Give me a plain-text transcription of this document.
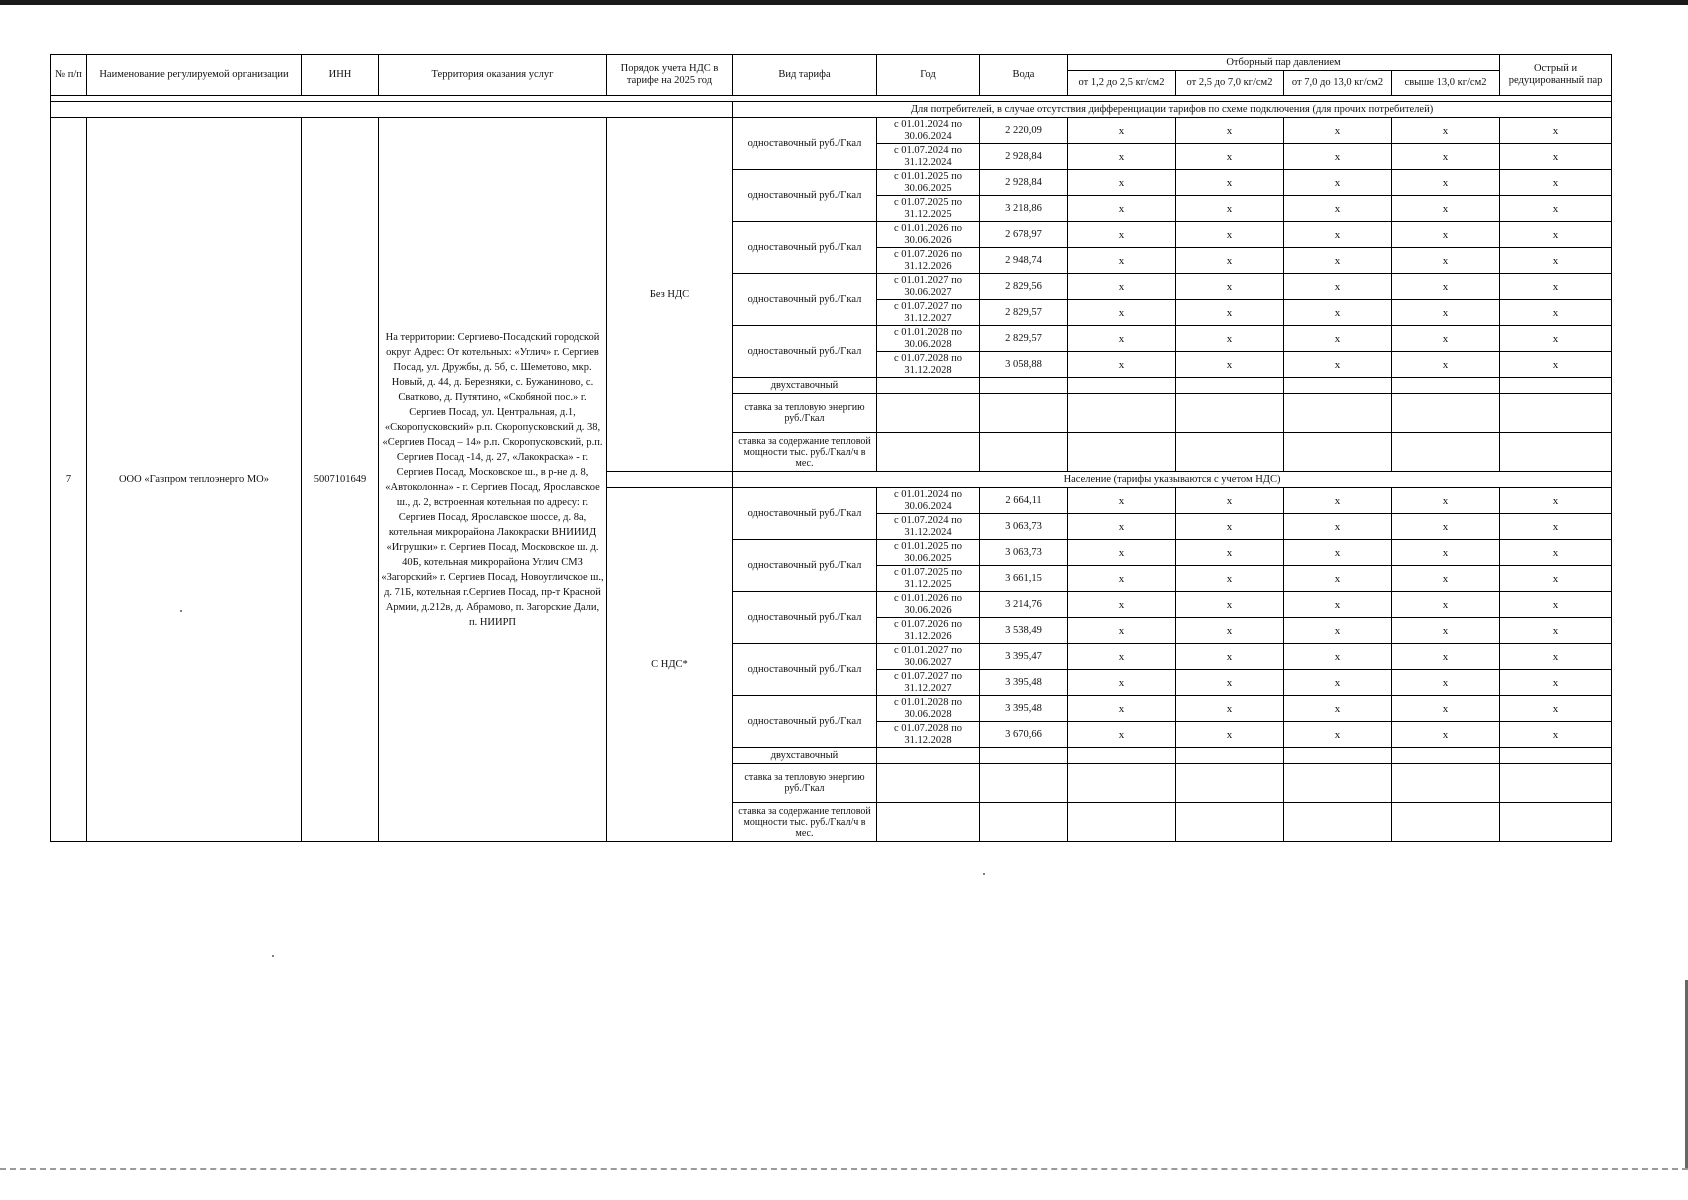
№ п/п	Наименование регулируемой организации	ИНН	Территория оказания услуг	Порядок учета НДС в тарифе на 2025 год	Вид тарифа	Год	Вода	Отборный пар давлением				Острый и редуцированный пар
								от 1,2 до 2,5 кг/см2	от 2,5 до 7,0 кг/см2	от 7,0 до 13,0 кг/см2	свыше 13,0 кг/см2	

					Для потребителей, в случае отсутствия дифференциации тарифов по схеме подключения (для прочих потребителей)							
7	ООО «Газпром теплоэнерго МО»	5007101649	На территории: Сергиево-Посадский городской округ Адрес: От котельных: «Углич» г. Сергиев Посад, ул. Дружбы, д. 5б, с. Шеметово, мкр. Новый, д. 44, д. Березняки, с. Бужаниново, с. Сватково, д. Путятино, «Скобяной пос.» г. Сергиев Посад, ул. Центральная, д.1, «Скоропусковский» р.п. Скоропусковский д. 38, «Сергиев Посад – 14» р.п. Скоропусковский, р.п. Сергиев Посад -14, д. 27, «Лакокраска» - г. Сергиев Посад, Московское ш., в р-не д. 8, «Автоколонна» - г. Сергиев Посад, Ярославское ш., д. 2, встроенная котельная по адресу: г. Сергиев Посад, Ярославское шоссе, д. 8а, котельная микрорайона Лакокраски ВНИИИД «Игрушки» г. Сергиев Посад, Московское ш. д. 40Б, котельная микрорайона Углич СМЗ «Загорский» г. Сергиев Посад, Новоугличское ш., д. 71Б, котельная г.Сергиев Посад, пр-т Красной Армии, д.212в, д. Абрамово, п. Загорские Дали, п. НИИРП	Без НДС	одноставочный руб./Гкал	с 01.01.2024 по 30.06.2024	2 220,09	x	x	x	x	x
						с 01.07.2024 по 31.12.2024	2 928,84	x	x	x	x	x
					одноставочный руб./Гкал	с 01.01.2025 по 30.06.2025	2 928,84	x	x	x	x	x
						с 01.07.2025 по 31.12.2025	3 218,86	x	x	x	x	x
					одноставочный руб./Гкал	с 01.01.2026 по 30.06.2026	2 678,97	x	x	x	x	x
						с 01.07.2026 по 31.12.2026	2 948,74	x	x	x	x	x
					одноставочный руб./Гкал	с 01.01.2027 по 30.06.2027	2 829,56	x	x	x	x	x
						с 01.07.2027 по 31.12.2027	2 829,57	x	x	x	x	x
					одноставочный руб./Гкал	с 01.01.2028 по 30.06.2028	2 829,57	x	x	x	x	x
						с 01.07.2028 по 31.12.2028	3 058,88	x	x	x	x	x
					двухставочный							
					ставка за тепловую энергию руб./Гкал							
					ставка за содержание тепловой мощности тыс. руб./Гкал/ч в мес.							
					Население (тарифы указываются с учетом НДС)							
				С НДС*	одноставочный руб./Гкал	с 01.01.2024 по 30.06.2024	2 664,11	x	x	x	x	x
						с 01.07.2024 по 31.12.2024	3 063,73	x	x	x	x	x
					одноставочный руб./Гкал	с 01.01.2025 по 30.06.2025	3 063,73	x	x	x	x	x
						с 01.07.2025 по 31.12.2025	3 661,15	x	x	x	x	x
					одноставочный руб./Гкал	с 01.01.2026 по 30.06.2026	3 214,76	x	x	x	x	x
						с 01.07.2026 по 31.12.2026	3 538,49	x	x	x	x	x
					одноставочный руб./Гкал	с 01.01.2027 по 30.06.2027	3 395,47	x	x	x	x	x
						с 01.07.2027 по 31.12.2027	3 395,48	x	x	x	x	x
					одноставочный руб./Гкал	с 01.01.2028 по 30.06.2028	3 395,48	x	x	x	x	x
						с 01.07.2028 по 31.12.2028	3 670,66	x	x	x	x	x
					двухставочный							
					ставка за тепловую энергию руб./Гкал							
					ставка за содержание тепловой мощности тыс. руб./Гкал/ч в мес.							
